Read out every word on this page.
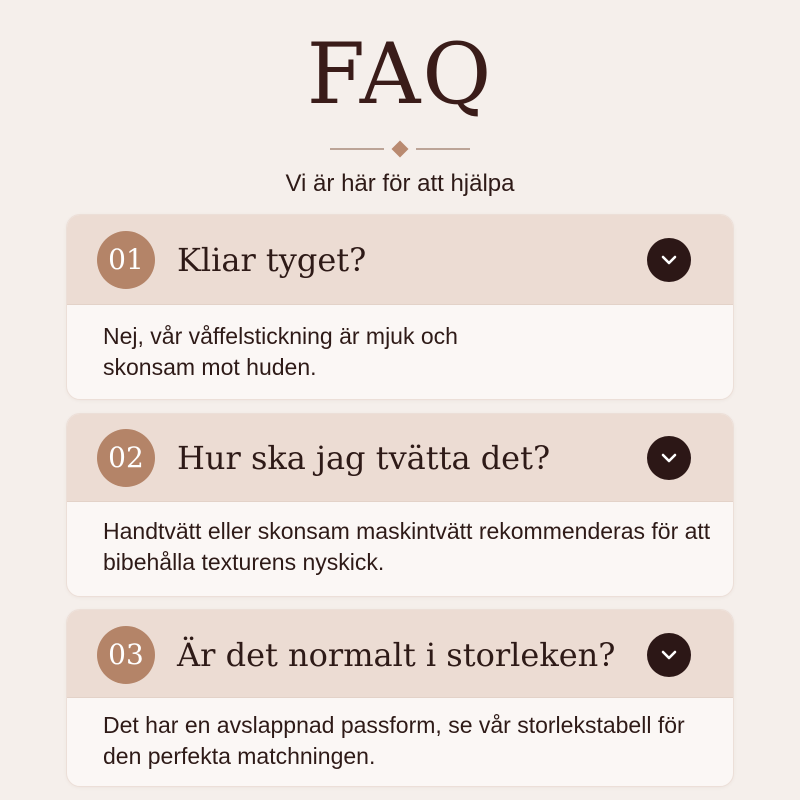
FAQ
Vi är här för att hjälpa
01	Kliar tyget?
Nej, vår våffelstickning är mjuk och skonsam mot huden.
02	Hur ska jag tvätta det?
Handtvätt eller skonsam maskintvätt rekommenderas för att bibehålla texturens nyskick.
03	Är det normalt i storleken?
Det har en avslappnad passform, se vår storlekstabell för den perfekta matchningen.
